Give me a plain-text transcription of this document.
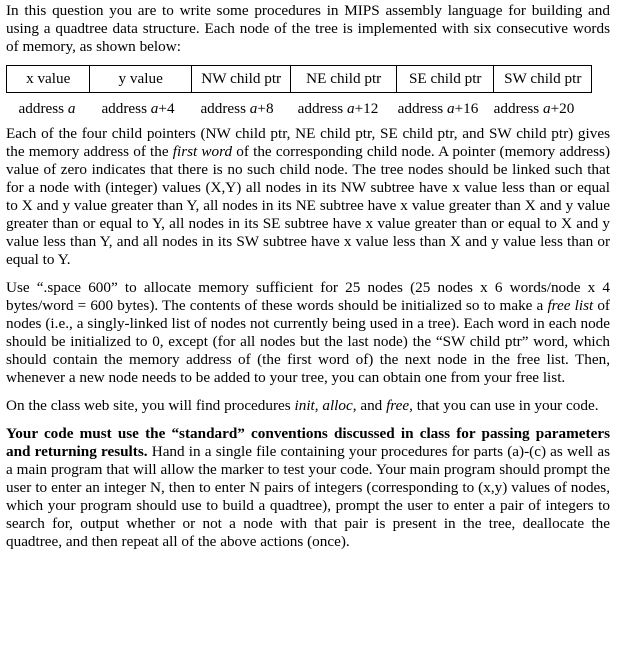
In this question you are to write some procedures in MIPS assembly language for building and using a quadtree data structure. Each node of the tree is implemented with six consecutive words of memory, as shown below:

x value	y value	NW child ptr	NE child ptr	SE child ptr	SW child ptr
address a	address a+4	address a+8	address a+12	address a+16	address a+20

Each of the four child pointers (NW child ptr, NE child ptr, SE child ptr, and SW child ptr) gives the memory address of the first word of the corresponding child node. A pointer (memory address) value of zero indicates that there is no such child node. The tree nodes should be linked such that for a node with (integer) values (X,Y) all nodes in its NW subtree have x value less than or equal to X and y value greater than Y, all nodes in its NE subtree have x value greater than X and y value greater than or equal to Y, all nodes in its SE subtree have x value greater than or equal to X and y value less than Y, and all nodes in its SW subtree have x value less than X and y value less than or equal to Y.

Use “.space 600” to allocate memory sufficient for 25 nodes (25 nodes x 6 words/node x 4 bytes/word = 600 bytes). The contents of these words should be initialized so to make a free list of nodes (i.e., a singly-linked list of nodes not currently being used in a tree). Each word in each node should be initialized to 0, except (for all nodes but the last node) the “SW child ptr” word, which should contain the memory address of (the first word of) the next node in the free list. Then, whenever a new node needs to be added to your tree, you can obtain one from your free list.

On the class web site, you will find procedures init, alloc, and free, that you can use in your code.

Your code must use the “standard” conventions discussed in class for passing parameters and returning results. Hand in a single file containing your procedures for parts (a)-(c) as well as a main program that will allow the marker to test your code. Your main program should prompt the user to enter an integer N, then to enter N pairs of integers (corresponding to (x,y) values of nodes, which your program should use to build a quadtree), prompt the user to enter a pair of integers to search for, output whether or not a node with that pair is present in the tree, deallocate the quadtree, and then repeat all of the above actions (once).
